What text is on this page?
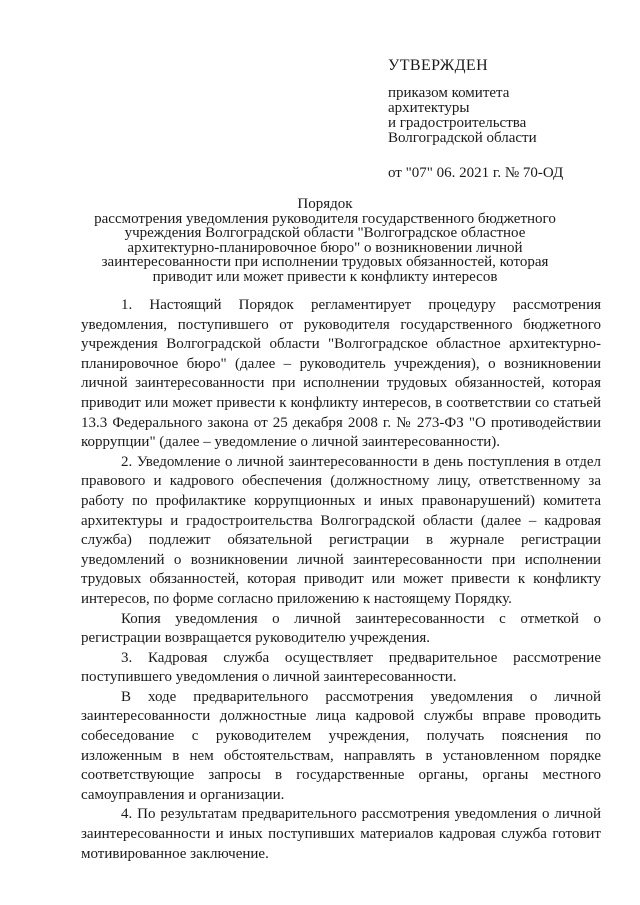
УТВЕРЖДЕН
приказом комитета
архитектуры
и градостроительства
Волгоградской области
от "07" 06. 2021 г. № 70-ОД
Порядок
рассмотрения уведомления руководителя государственного бюджетного
учреждения Волгоградской области "Волгоградское областное
архитектурно-планировочное бюро" о возникновении личной
заинтересованности при исполнении трудовых обязанностей, которая
приводит или может привести к конфликту интересов

1. Настоящий Порядок регламентирует процедуру рассмотрения уведомления, поступившего от руководителя государственного бюджетного учреждения Волгоградской области "Волгоградское областное архитектурно-планировочное бюро" (далее – руководитель учреждения), о возникновении личной заинтересованности при исполнении трудовых обязанностей, которая приводит или может привести к конфликту интересов, в соответствии со статьей 13.3 Федерального закона от 25 декабря 2008 г. № 273-ФЗ "О противодействии коррупции" (далее – уведомление о личной заинтересованности).

2. Уведомление о личной заинтересованности в день поступления в отдел правового и кадрового обеспечения (должностному лицу, ответственному за работу по профилактике коррупционных и иных правонарушений) комитета архитектуры и градостроительства Волгоградской области (далее – кадровая служба) подлежит обязательной регистрации в журнале регистрации уведомлений о возникновении личной заинтересованности при исполнении трудовых обязанностей, которая приводит или может привести к конфликту интересов, по форме согласно приложению к настоящему Порядку.

Копия уведомления о личной заинтересованности с отметкой о регистрации возвращается руководителю учреждения.

3. Кадровая служба осуществляет предварительное рассмотрение поступившего уведомления о личной заинтересованности.

В ходе предварительного рассмотрения уведомления о личной заинтересованности должностные лица кадровой службы вправе проводить собеседование с руководителем учреждения, получать пояснения по изложенным в нем обстоятельствам, направлять в установленном порядке соответствующие запросы в государственные органы, органы местного самоуправления и организации.

4. По результатам предварительного рассмотрения уведомления о личной заинтересованности и иных поступивших материалов кадровая служба готовит мотивированное заключение.
